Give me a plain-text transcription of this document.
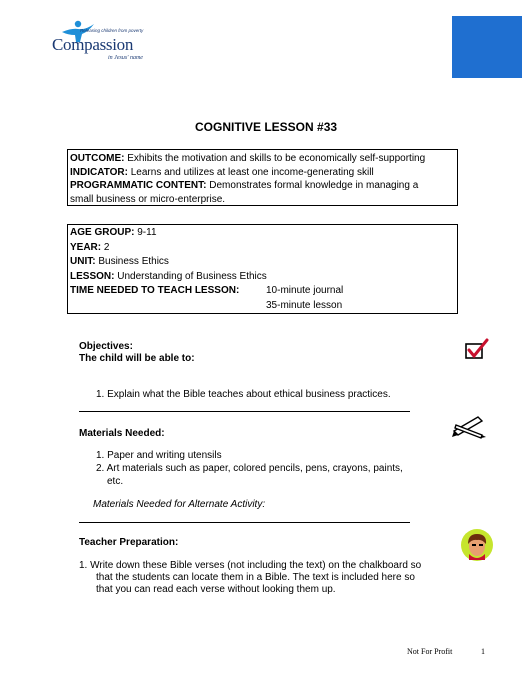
Releasing children from poverty
Compassion
in Jesus' name
COGNITIVE LESSON #33
OUTCOME: Exhibits the motivation and skills to be economically self-supporting
INDICATOR: Learns and utilizes at least one income-generating skill
PROGRAMMATIC CONTENT: Demonstrates formal knowledge in managing a
small business or micro-enterprise.
AGE GROUP: 9-11
YEAR: 2
UNIT: Business Ethics
LESSON: Understanding of Business Ethics
TIME NEEDED TO TEACH LESSON:	10-minute journal
35-minute lesson
Objectives:
The child will be able to:
1. Explain what the Bible teaches about ethical business practices.
Materials Needed:
1. Paper and writing utensils
2. Art materials such as paper, colored pencils, pens, crayons, paints,
etc.
Materials Needed for Alternate Activity:
Teacher Preparation:
1. Write down these Bible verses (not including the text) on the chalkboard so
that the students can locate them in a Bible. The text is included here so
that you can read each verse without looking them up.
Not For Profit	1
